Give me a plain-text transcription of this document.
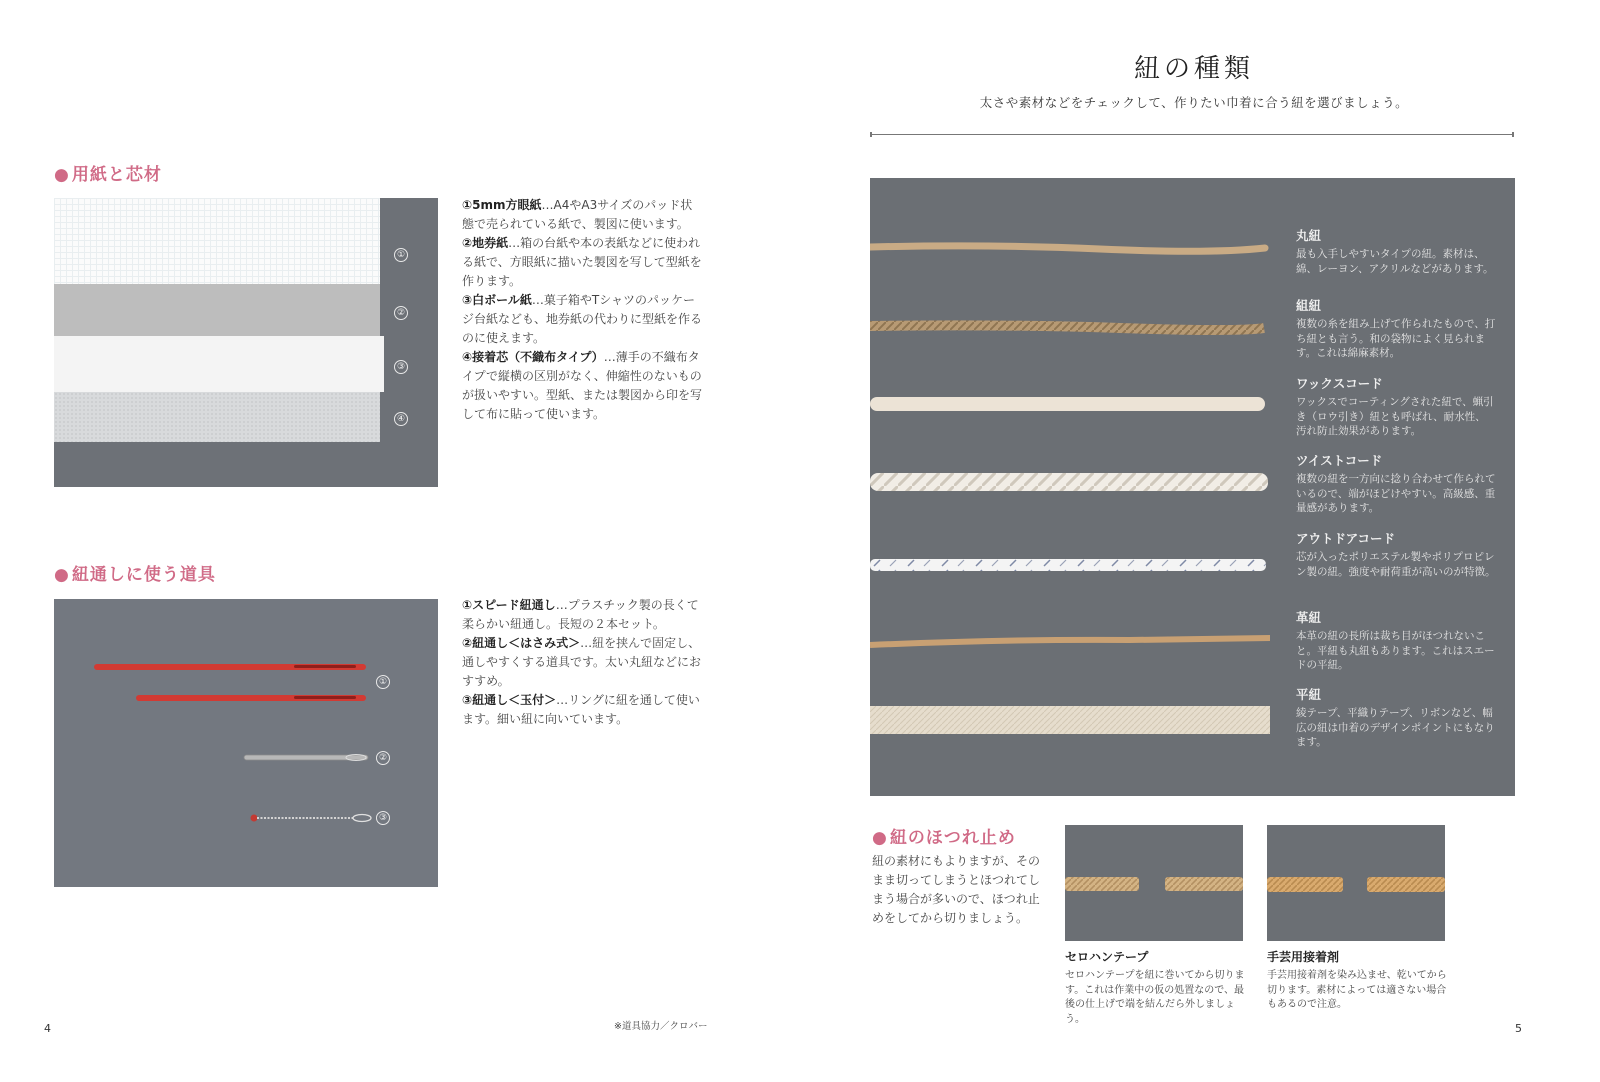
● 用紙と芯材
①
②
③
④

①5mm方眼紙…A4やA3サイズのパッド状態で売られている紙で、製図に使います。

②地券紙…箱の台紙や本の表紙などに使われる紙で、方眼紙に描いた製図を写して型紙を作ります。

③白ボール紙…菓子箱やTシャツのパッケージ台紙なども、地券紙の代わりに型紙を作るのに使えます。

④接着芯（不織布タイプ）…薄手の不織布タイプで縦横の区別がなく、伸縮性のないものが扱いやすい。型紙、または製図から印を写して布に貼って使います。

● 紐通しに使う道具
①
②
③

①スピード紐通し…プラスチック製の長くて柔らかい紐通し。長短の２本セット。

②紐通し＜はさみ式＞…紐を挟んで固定し、通しやすくする道具です。太い丸紐などにおすすめ。

③紐通し＜玉付＞…リングに紐を通して使います。細い紐に向いています。

4	※道具協力／クロバー
紐の種類
太さや素材などをチェックして、作りたい巾着に合う紐を選びましょう。
丸紐
最も入手しやすいタイプの紐。素材は、綿、レーヨン、アクリルなどがあります。
組紐
複数の糸を組み上げて作られたもので、打ち紐とも言う。和の袋物によく見られます。これは綿麻素材。
ワックスコード
ワックスでコーティングされた紐で、蝋引き（ロウ引き）紐とも呼ばれ、耐水性、汚れ防止効果があります。
ツイストコード
複数の紐を一方向に捻り合わせて作られているので、端がほどけやすい。高級感、重量感があります。
アウトドアコード
芯が入ったポリエステル製やポリプロピレン製の紐。強度や耐荷重が高いのが特徴。
革紐
本革の紐の長所は裁ち目がほつれないこと。平紐も丸紐もあります。これはスエードの平紐。
平紐
綾テープ、平織りテープ、リボンなど、幅広の紐は巾着のデザインポイントにもなります。
● 紐のほつれ止め
紐の素材にもよりますが、そのまま切ってしまうとほつれてしまう場合が多いので、ほつれ止めをしてから切りましょう。
セロハンテープ
セロハンテープを紐に巻いてから切ります。これは作業中の仮の処置なので、最後の仕上げで端を結んだら外しましょう。
手芸用接着剤
手芸用接着剤を染み込ませ、乾いてから切ります。素材によっては適さない場合もあるので注意。
5
